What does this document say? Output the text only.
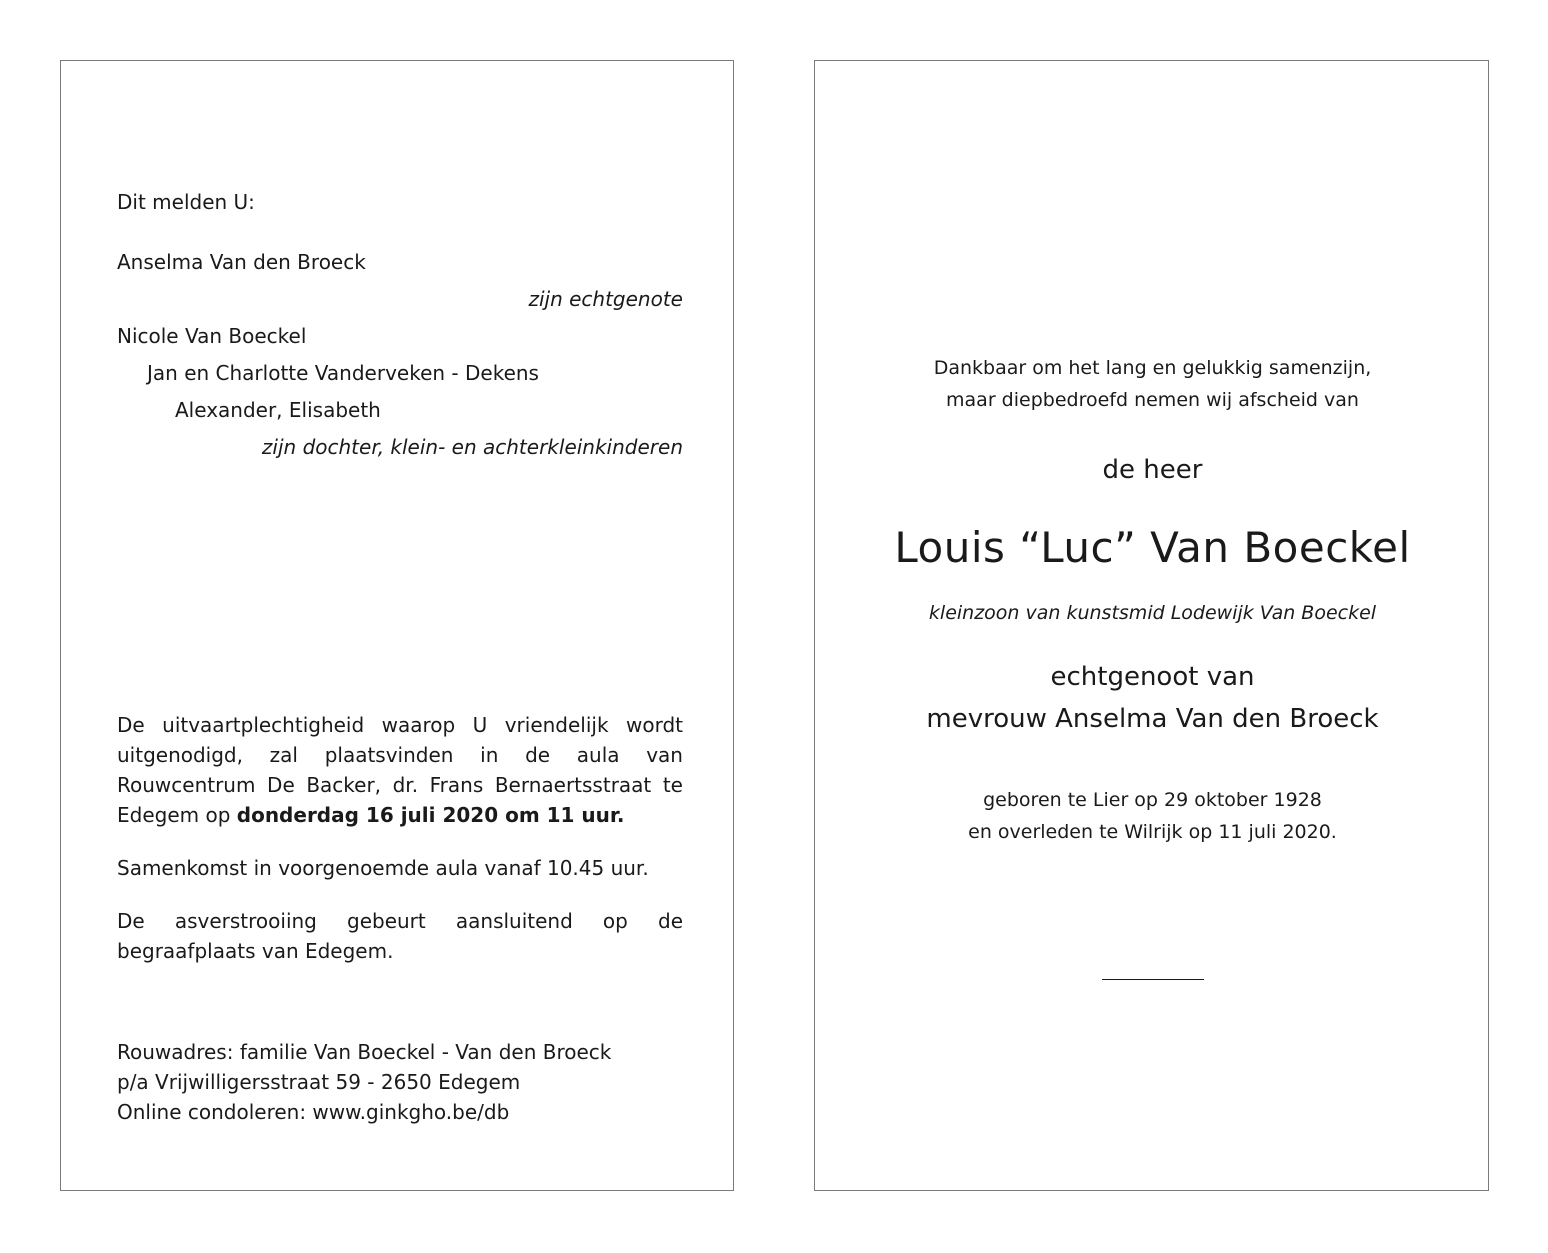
Dit melden U:

Anselma Van den Broeck

zijn echtgenote

Nicole Van Boeckel

Jan en Charlotte Vanderveken - Dekens

Alexander, Elisabeth

zijn dochter, klein- en achterkleinkinderen

De uitvaartplechtigheid waarop U vriendelijk wordt uitgenodigd, zal plaatsvinden in de aula van Rouwcentrum De Backer, dr. Frans Bernaertsstraat te Edegem op donderdag 16 juli 2020 om 11 uur.

Samenkomst in voorgenoemde aula vanaf 10.45 uur.

De asverstrooiing gebeurt aansluitend op de begraafplaats van Edegem.

Rouwadres: familie Van Boeckel - Van den Broeck

p/a Vrijwilligersstraat 59 - 2650 Edegem

Online condoleren: www.ginkgho.be/db

Dankbaar om het lang en gelukkig samenzijn,

maar diepbedroefd nemen wij afscheid van

de heer

Louis “Luc” Van Boeckel

kleinzoon van kunstsmid Lodewijk Van Boeckel

echtgenoot van

mevrouw Anselma Van den Broeck

geboren te Lier op 29 oktober 1928

en overleden te Wilrijk op 11 juli 2020.
